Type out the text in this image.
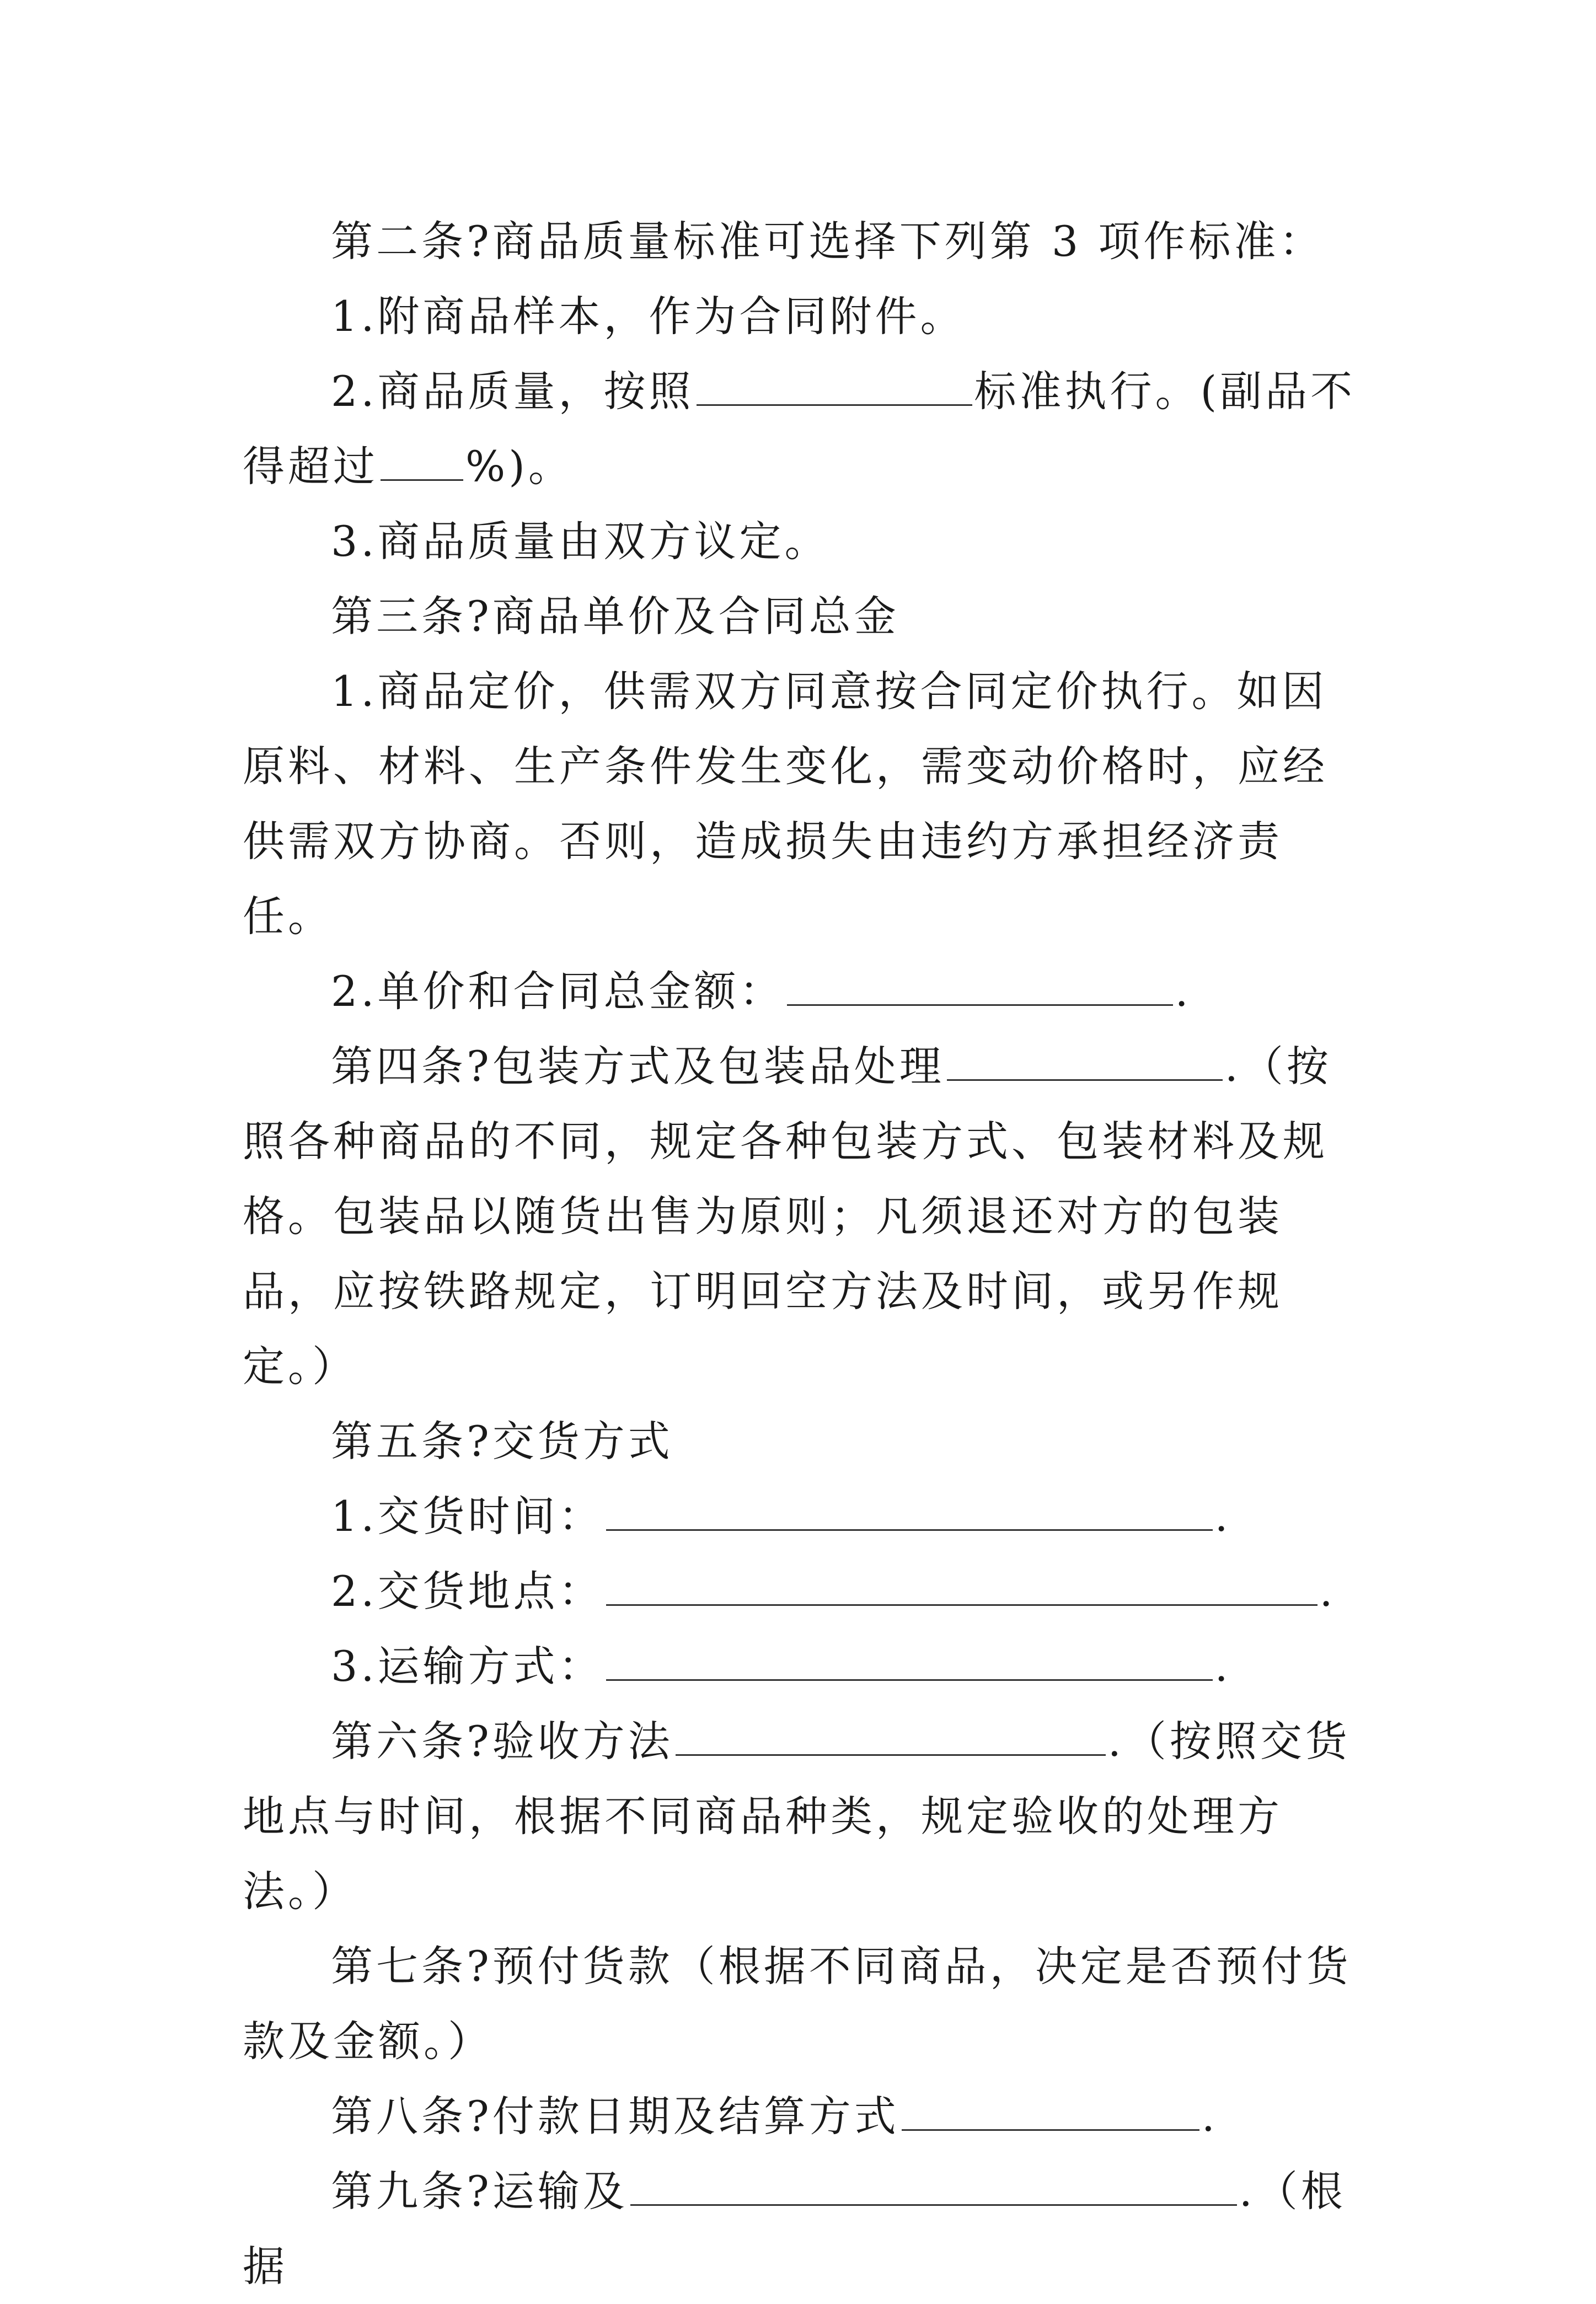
第二条?商品质量标准可选择下列第 3 项作标准：

1.附商品样本，作为合同附件。

2.商品质量，按照	标准执行。(副品不得超过 %)。

3.商品质量由双方议定。

第三条?商品单价及合同总金

1.商品定价，供需双方同意按合同定价执行。如因原料、材料、生产条件发生变化，需变动价格时，应经供需双方协商。否则，造成损失由违约方承担经济责任。

2.单价和合同总金额：	.

第四条?包装方式及包装品处理	.（按照各种商品的不同，规定各种包装方式、包装材料及规格。包装品以随货出售为原则；凡须退还对方的包装品，应按铁路规定，订明回空方法及时间，或另作规定。）

第五条?交货方式

1.交货时间：	.

2.交货地点：	.

3.运输方式：	.

第六条?验收方法	.（按照交货地点与时间，根据不同商品种类，规定验收的处理方法。）

第七条?预付货款（根据不同商品，决定是否预付货款及金额。）

第八条?付款日期及结算方式	.

第九条?运输及	.（根据
